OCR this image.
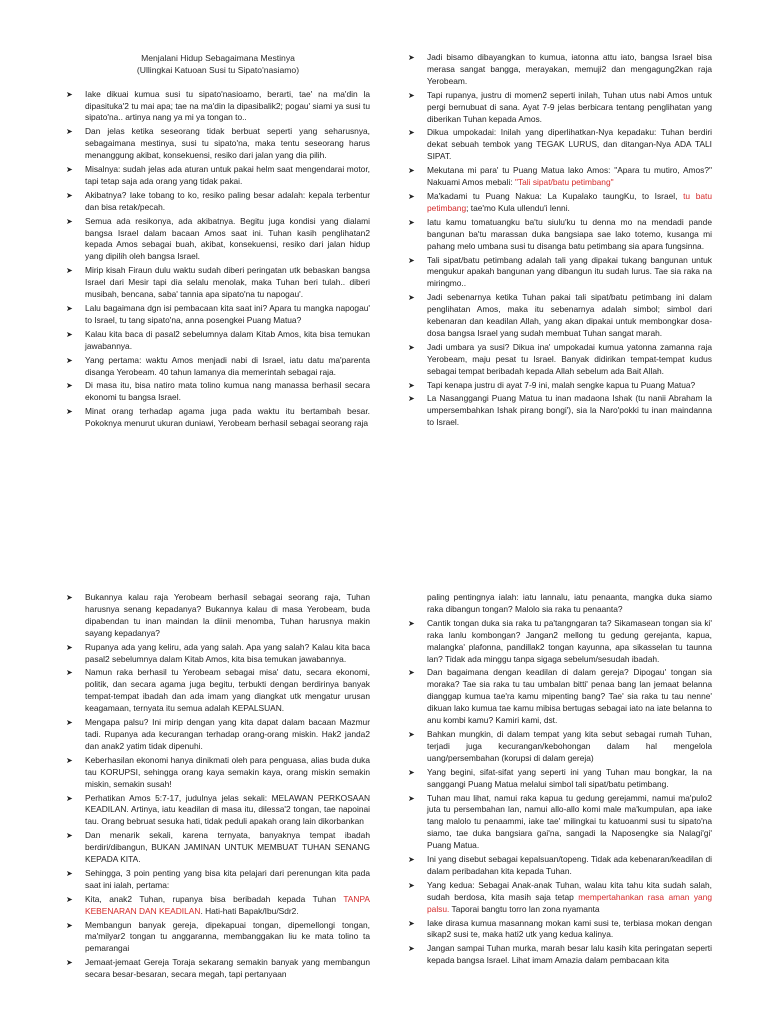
Menjalani Hidup Sebagaimana Mestinya
(Ullingkai Katuoan Susi tu Sipato'nasiamo)
➤ Iake dikuai kumua susi tu sipato'nasioamo, berarti, tae' na ma'din la dipasituka'2 tu mai apa; tae na ma'din la dipasibalik2; pogau' siami ya susi tu sipato'na.. artinya nang ya mi ya tongan to..
➤ Dan jelas ketika seseorang tidak berbuat seperti yang seharusnya, sebagaimana mestinya, susi tu sipato'na, maka tentu seseorang harus menanggung akibat, konsekuensi, resiko dari jalan yang dia pilih.
➤ Misalnya: sudah jelas ada aturan untuk pakai helm saat mengendarai motor, tapi tetap saja ada orang yang tidak pakai.
➤ Akibatnya? Iake tobang to ko, resiko paling besar adalah: kepala terbentur dan bisa retak/pecah.
➤ Semua ada resikonya, ada akibatnya. Begitu juga kondisi yang dialami bangsa Israel dalam bacaan Amos saat ini. Tuhan kasih penglihatan2 kepada Amos sebagai buah, akibat, konsekuensi, resiko dari jalan hidup yang dipilih oleh bangsa Israel.
➤ Mirip kisah Firaun dulu waktu sudah diberi peringatan utk bebaskan bangsa Israel dari Mesir tapi dia selalu menolak, maka Tuhan beri tulah.. diberi musibah, bencana, saba' tannia apa sipato'na tu napogau'.
➤ Lalu bagaimana dgn isi pembacaan kita saat ini? Apara tu mangka napogau' to Israel, tu tang sipato'na, anna posengkei Puang Matua?
➤ Kalau kita baca di pasal2 sebelumnya dalam Kitab Amos, kita bisa temukan jawabannya.
➤ Yang pertama: waktu Amos menjadi nabi di Israel, iatu datu ma'parenta disanga Yerobeam. 40 tahun lamanya dia memerintah sebagai raja.
➤ Di masa itu, bisa natiro mata tolino kumua nang manassa berhasil secara ekonomi tu bangsa Israel.
➤ Minat orang terhadap agama juga pada waktu itu bertambah besar. Pokoknya menurut ukuran duniawi, Yerobeam berhasil sebagai seorang raja
➤ Jadi bisamo dibayangkan to kumua, iatonna attu iato, bangsa Israel bisa merasa sangat bangga, merayakan, memuji2 dan mengagung2kan raja Yerobeam.
➤ Tapi rupanya, justru di momen2 seperti inilah, Tuhan utus nabi Amos untuk pergi bernubuat di sana. Ayat 7-9 jelas berbicara tentang penglihatan yang diberikan Tuhan kepada Amos.
➤ Dikua umpokadai: Inilah yang diperlihatkan-Nya kepadaku: Tuhan berdiri dekat sebuah tembok yang TEGAK LURUS, dan ditangan-Nya ADA TALI SIPAT.
➤ Mekutana mi para' tu Puang Matua lako Amos: "Apara tu mutiro, Amos?" Nakuami Amos mebali: "Tali sipat/batu petimbang"
➤ Ma'kadami tu Puang Nakua: La Kupalako taungKu, to Israel, tu batu petimbang; tae'mo Kula ullendu'i lenni.
➤ Iatu kamu tomatuangku ba'tu siulu'ku tu denna mo na mendadi pande bangunan ba'tu marassan duka bangsiapa sae lako totemo, kusanga mi pahang melo umbana susi tu disanga batu petimbang sia apara fungsinna.
➤ Tali sipat/batu petimbang adalah tali yang dipakai tukang bangunan untuk mengukur apakah bangunan yang dibangun itu sudah lurus. Tae sia raka na miringmo..
➤ Jadi sebenarnya ketika Tuhan pakai tali sipat/batu petimbang ini dalam penglihatan Amos, maka itu sebenarnya adalah simbol; simbol dari kebenaran dan keadilan Allah, yang akan dipakai untuk membongkar dosa-dosa bangsa Israel yang sudah membuat Tuhan sangat marah.
➤ Jadi umbara ya susi? Dikua ina' umpokadai kumua yatonna zamanna raja Yerobeam, maju pesat tu Israel. Banyak didirikan tempat-tempat kudus sebagai tempat beribadah kepada Allah sebelum ada Bait Allah.
➤ Tapi kenapa justru di ayat 7-9 ini, malah sengke kapua tu Puang Matua?
➤ La Nasanggangi Puang Matua tu inan madaona Ishak (tu nanii Abraham la umpersembahkan Ishak pirang bongi'), sia la Naro'pokki tu inan maindanna to Israel.
➤ Bukannya kalau raja Yerobeam berhasil sebagai seorang raja, Tuhan harusnya senang kepadanya? Bukannya kalau di masa Yerobeam, buda dipabendan tu inan maindan la diinii menomba, Tuhan harusnya makin sayang kepadanya?
➤ Rupanya ada yang keliru, ada yang salah. Apa yang salah? Kalau kita baca pasal2 sebelumnya dalam Kitab Amos, kita bisa temukan jawabannya.
➤ Namun raka berhasil tu Yerobeam sebagai misa' datu, secara ekonomi, politik, dan secara agama juga begitu, terbukti dengan berdirinya banyak tempat-tempat ibadah dan ada imam yang diangkat utk mengatur urusan keagamaan, ternyata itu semua adalah KEPALSUAN.
➤ Mengapa palsu? Ini mirip dengan yang kita dapat dalam bacaan Mazmur tadi. Rupanya ada kecurangan terhadap orang-orang miskin. Hak2 janda2 dan anak2 yatim tidak dipenuhi.
➤ Keberhasilan ekonomi hanya dinikmati oleh para penguasa, alias buda duka tau KORUPSI, sehingga orang kaya semakin kaya, orang miskin semakin miskin, semakin susah!
➤ Perhatikan Amos 5:7-17, judulnya jelas sekali: MELAWAN PERKOSAAN KEADILAN. Artinya, iatu keadilan di masa itu, dilessa'2 tongan, tae napoinai tau. Orang bebruat sesuka hati, tidak peduli apakah orang lain dikorbankan
➤ Dan menarik sekali, karena ternyata, banyaknya tempat ibadah berdiri/dibangun, BUKAN JAMINAN UNTUK MEMBUAT TUHAN SENANG KEPADA KITA.
➤ Sehingga, 3 poin penting yang bisa kita pelajari dari perenungan kita pada saat ini ialah, pertama:
➤ Kita, anak2 Tuhan, rupanya bisa beribadah kepada Tuhan TANPA KEBENARAN DAN KEADILAN. Hati-hati Bapak/Ibu/Sdr2.
➤ Membangun banyak gereja, dipekapuai tongan, dipemellongi tongan, ma'milyar2 tongan tu anggaranna, membanggakan liu ke mata tolino ta pemarangai
➤ Jemaat-jemaat Gereja Toraja sekarang semakin banyak yang membangun secara besar-besaran, secara megah, tapi pertanyaan
paling pentingnya ialah: iatu lannalu, iatu penaanta, mangka duka siamo raka dibangun tongan? Malolo sia raka tu penaanta?
➤ Cantik tongan duka sia raka tu pa'tangngaran ta? Sikamasean tongan sia ki' raka lanlu kombongan? Jangan2 mellong tu gedung gerejanta, kapua, malangka' plafonna, pandillak2 tongan kayunna, apa sikasselan tu taunna lan? Tidak ada minggu tanpa sigaga sebelum/sesudah ibadah.
➤ Dan bagaimana dengan keadilan di dalam gereja? Dipogau' tongan sia moraka? Tae sia raka tu tau umbalan bitti' penaa bang lan jemaat belanna dianggap kumua tae'ra kamu mipenting bang? Tae' sia raka tu tau nenne' dikuan lako kumua tae kamu mibisa bertugas sebagai iato na iate belanna to anu kombi kamu? Kamiri kami, dst.
➤ Bahkan mungkin, di dalam tempat yang kita sebut sebagai rumah Tuhan, terjadi juga kecurangan/kebohongan dalam hal mengelola uang/persembahan (korupsi di dalam gereja)
➤ Yang begini, sifat-sifat yang seperti ini yang Tuhan mau bongkar, la na sanggangi Puang Matua melalui simbol tali sipat/batu petimbang.
➤ Tuhan mau lihat, namui raka kapua tu gedung gerejammi, namui ma'pulo2 juta tu persembahan lan, namui allo-allo komi male ma'kumpulan, apa iake tang malolo tu penaammi, iake tae' milingkai tu katuoanmi susi tu sipato'na siamo, tae duka bangsiara gai'na, sangadi la Naposengke sia Nalagi'gi' Puang Matua.
➤ Ini yang disebut sebagai kepalsuan/topeng. Tidak ada kebenaran/keadilan di dalam peribadahan kita kepada Tuhan.
➤ Yang kedua: Sebagai Anak-anak Tuhan, walau kita tahu kita sudah salah, sudah berdosa, kita masih saja tetap mempertahankan rasa aman yang palsu. Taporai bangtu torro lan zona nyamanta
➤ Iake dirasa kumua masannang mokan kami susi te, terbiasa mokan dengan sikap2 susi te, maka hati2 utk yang kedua kalinya.
➤ Jangan sampai Tuhan murka, marah besar lalu kasih kita peringatan seperti kepada bangsa Israel. Lihat imam Amazia dalam pembacaan kita
